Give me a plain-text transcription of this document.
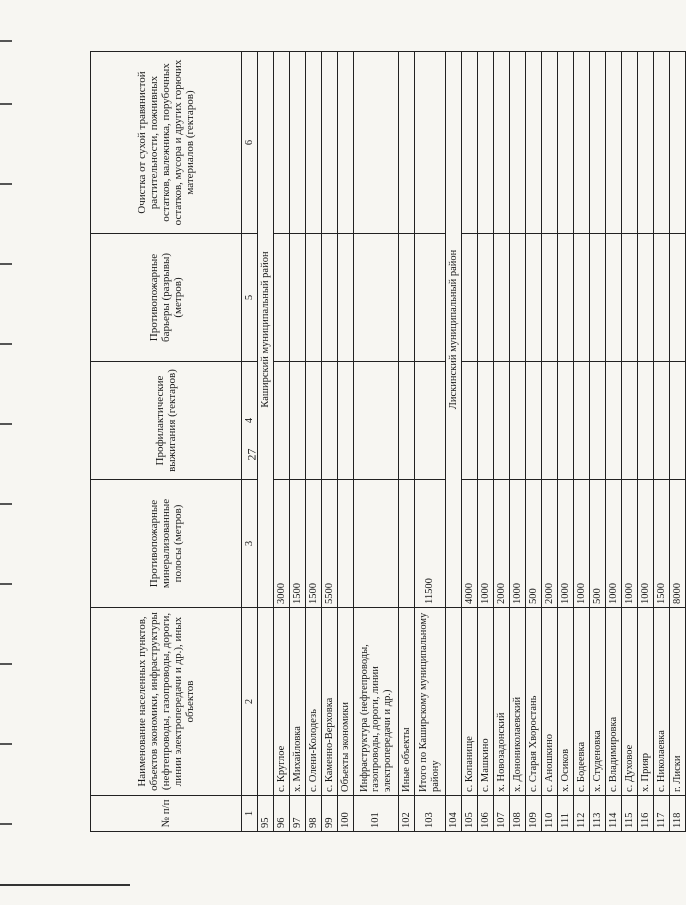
27
№ п/п	Наименование населенных пунктов, объектов экономики, инфраструктуры (нефтепроводы, газопроводы, дороги, линии электропередачи и др.), иных объектов	Противопожарные минерализованные полосы (метров)	Профилактические выжигания (гектаров)	Противопожарные барьеры (разрывы) (метров)	Очистка от сухой травянистой растительности, пожнивных остатков, валежника, порубочных остатков, мусора и других горючих материалов (гектаров)
1	2	3	4	5	6
95		Каширский муниципальный район			
96	с. Круглое	3000			
97	х. Михайловка	1500			
98	с. Олени-Колодезь	1500			
99	с. Каменно-Верховка	5500			
100	Объекты экономики				
101	Инфраструктура (нефтепроводы, газопроводы, дороги, линии электропередачи и др.)				
102	Иные объекты				
103	Итого по Каширскому муниципальному району	11500			
104		Лискинский муниципальный район			
105	с. Копанище	4000			
106	с. Машкино	1000			
107	х. Новозадонский	2000			
108	х. Донониколаевский	1000			
109	с. Старая Хворостань	500			
110	с. Аношкино	2000			
111	х. Осиков	1000			
112	с. Бодеевка	1000			
113	х. Студеновка	500			
114	с. Владимировка	1000			
115	с. Духовое	1000			
116	х. Прияр	1000			
117	с. Николаевка	1500			
118	г. Лиски	8000			
